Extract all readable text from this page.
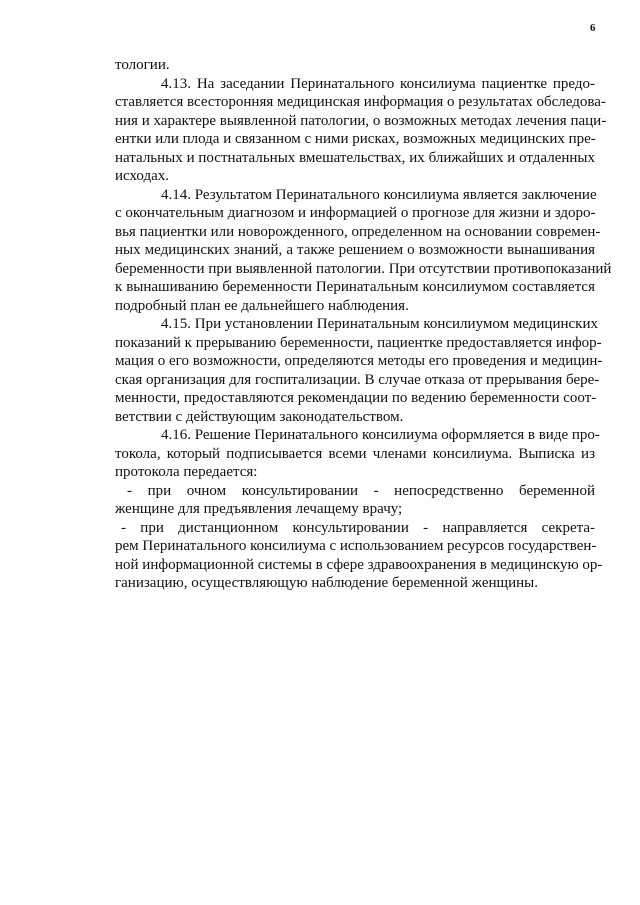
6
тологии.
4.13. На заседании Перинатального консилиума пациентке предо-
ставляется всесторонняя медицинская информация о результатах обследова-
ния и характере выявленной патологии, о возможных методах лечения паци-
ентки или плода и связанном с ними рисках, возможных медицинских пре-
натальных и постнатальных вмешательствах, их ближайших и отдаленных
исходах.
4.14. Результатом Перинатального консилиума является заключение
с окончательным диагнозом и информацией о прогнозе для жизни и здоро-
вья пациентки или новорожденного, определенном на основании современ-
ных медицинских знаний, а также решением о возможности вынашивания
беременности при выявленной патологии. При отсутствии противопоказаний
к вынашиванию беременности Перинатальным консилиумом составляется
подробный план ее дальнейшего наблюдения.
4.15. При установлении Перинатальным консилиумом медицинских
показаний к прерыванию беременности, пациентке предоставляется инфор-
мация о его возможности, определяются методы его проведения и медицин-
ская организация для госпитализации. В случае отказа от прерывания бере-
менности, предоставляются рекомендации по ведению беременности соот-
ветствии с действующим законодательством.
4.16. Решение Перинатального консилиума оформляется в виде про-
токола, который подписывается всеми членами консилиума. Выписка из
протокола передается:
- при очном консультировании - непосредственно беременной
женщине для предъявления лечащему врачу;
- при дистанционном консультировании - направляется секрета-
рем Перинатального консилиума с использованием ресурсов государствен-
ной информационной системы в сфере здравоохранения в медицинскую ор-
ганизацию, осуществляющую наблюдение беременной женщины.
